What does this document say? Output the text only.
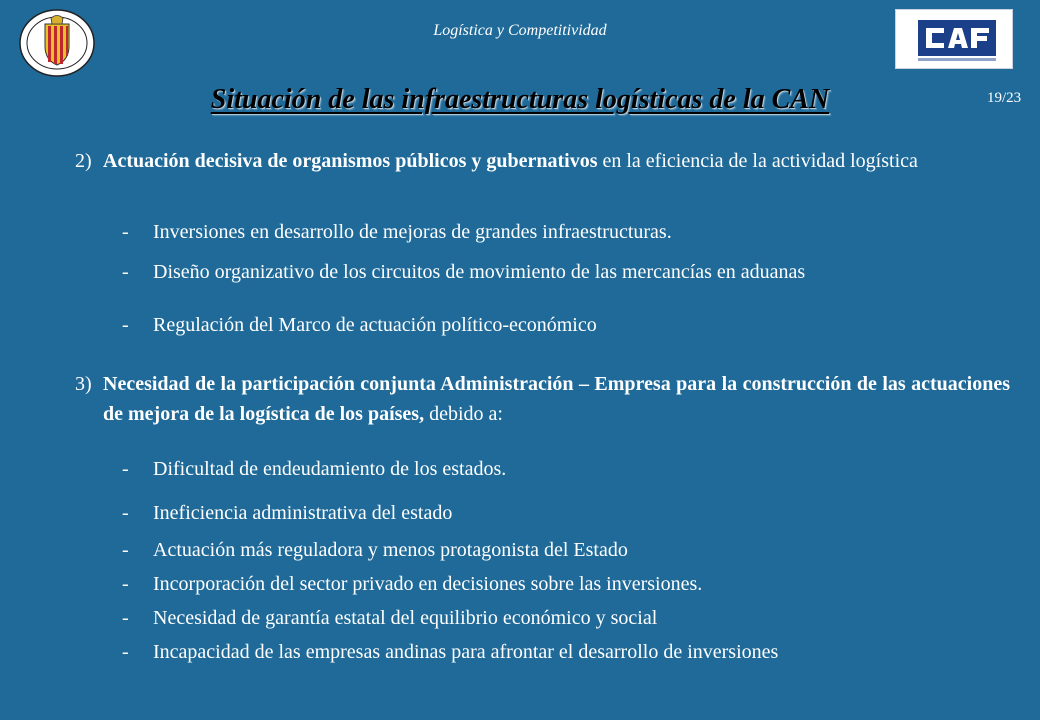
Logística y Competitividad
19/23
Situación de las infraestructuras logísticas de la CAN
2) Actuación decisiva de organismos públicos y gubernativos en la eficiencia de la actividad logística
- Inversiones en desarrollo de mejoras de grandes infraestructuras.
- Diseño organizativo de los circuitos de movimiento de las mercancías en aduanas
- Regulación del Marco de actuación político-económico
3) Necesidad de la participación conjunta Administración – Empresa para la construcción de las actuaciones de mejora de la logística de los países, debido a:
- Dificultad de endeudamiento de los estados.
- Ineficiencia administrativa del estado
- Actuación más reguladora y menos protagonista del Estado
- Incorporación del sector privado en decisiones sobre las inversiones.
- Necesidad de garantía estatal del equilibrio económico y social
- Incapacidad de las empresas andinas para afrontar el desarrollo de inversiones
